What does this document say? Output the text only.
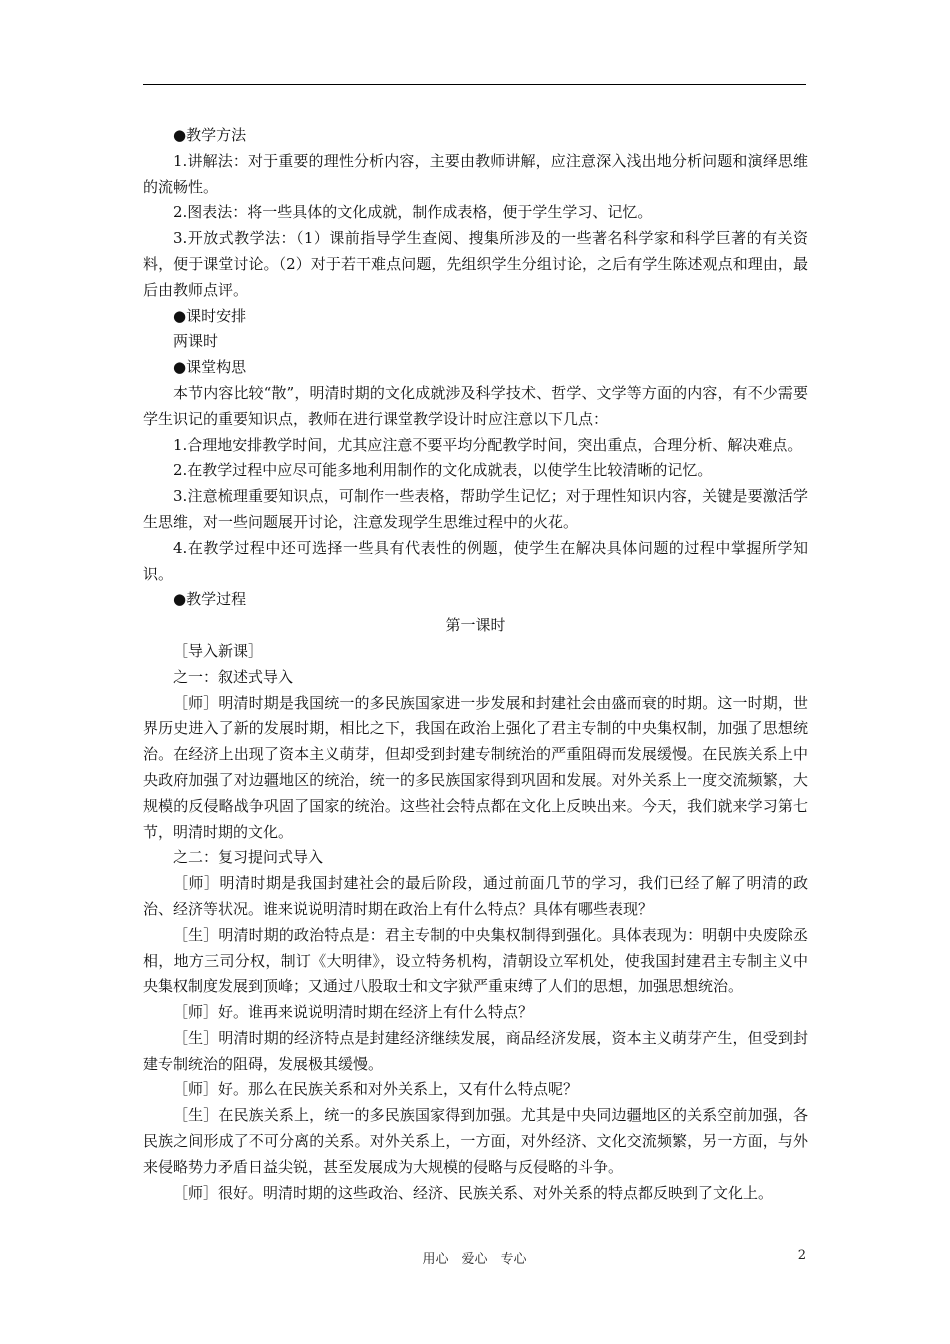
●教学方法

1.讲解法：对于重要的理性分析内容，主要由教师讲解，应注意深入浅出地分析问题和演绎思维的流畅性。

2.图表法：将一些具体的文化成就，制作成表格，便于学生学习、记忆。

3.开放式教学法：（1）课前指导学生查阅、搜集所涉及的一些著名科学家和科学巨著的有关资料，便于课堂讨论。（2）对于若干难点问题，先组织学生分组讨论，之后有学生陈述观点和理由，最后由教师点评。

●课时安排

两课时

●课堂构思

本节内容比较“散”，明清时期的文化成就涉及科学技术、哲学、文学等方面的内容，有不少需要学生识记的重要知识点，教师在进行课堂教学设计时应注意以下几点：

1.合理地安排教学时间，尤其应注意不要平均分配教学时间，突出重点，合理分析、解决难点。

2.在教学过程中应尽可能多地利用制作的文化成就表，以使学生比较清晰的记忆。

3.注意梳理重要知识点，可制作一些表格，帮助学生记忆；对于理性知识内容，关键是要激活学生思维，对一些问题展开讨论，注意发现学生思维过程中的火花。

4.在教学过程中还可选择一些具有代表性的例题，使学生在解决具体问题的过程中掌握所学知识。

●教学过程

第一课时

［导入新课］

之一：叙述式导入

［师］明清时期是我国统一的多民族国家进一步发展和封建社会由盛而衰的时期。这一时期，世界历史进入了新的发展时期，相比之下，我国在政治上强化了君主专制的中央集权制，加强了思想统治。在经济上出现了资本主义萌芽，但却受到封建专制统治的严重阻碍而发展缓慢。在民族关系上中央政府加强了对边疆地区的统治，统一的多民族国家得到巩固和发展。对外关系上一度交流频繁，大规模的反侵略战争巩固了国家的统治。这些社会特点都在文化上反映出来。今天，我们就来学习第七节，明清时期的文化。

之二：复习提问式导入

［师］明清时期是我国封建社会的最后阶段，通过前面几节的学习，我们已经了解了明清的政治、经济等状况。谁来说说明清时期在政治上有什么特点？具体有哪些表现？

［生］明清时期的政治特点是：君主专制的中央集权制得到强化。具体表现为：明朝中央废除丞相，地方三司分权，制订《大明律》，设立特务机构，清朝设立军机处，使我国封建君主专制主义中央集权制度发展到顶峰；又通过八股取士和文字狱严重束缚了人们的思想，加强思想统治。

［师］好。谁再来说说明清时期在经济上有什么特点？

［生］明清时期的经济特点是封建经济继续发展，商品经济发展，资本主义萌芽产生，但受到封建专制统治的阻碍，发展极其缓慢。

［师］好。那么在民族关系和对外关系上，又有什么特点呢？

［生］在民族关系上，统一的多民族国家得到加强。尤其是中央同边疆地区的关系空前加强，各民族之间形成了不可分离的关系。对外关系上，一方面，对外经济、文化交流频繁，另一方面，与外来侵略势力矛盾日益尖锐，甚至发展成为大规模的侵略与反侵略的斗争。

［师］很好。明清时期的这些政治、经济、民族关系、对外关系的特点都反映到了文化上。

用心　爱心　专心	2
